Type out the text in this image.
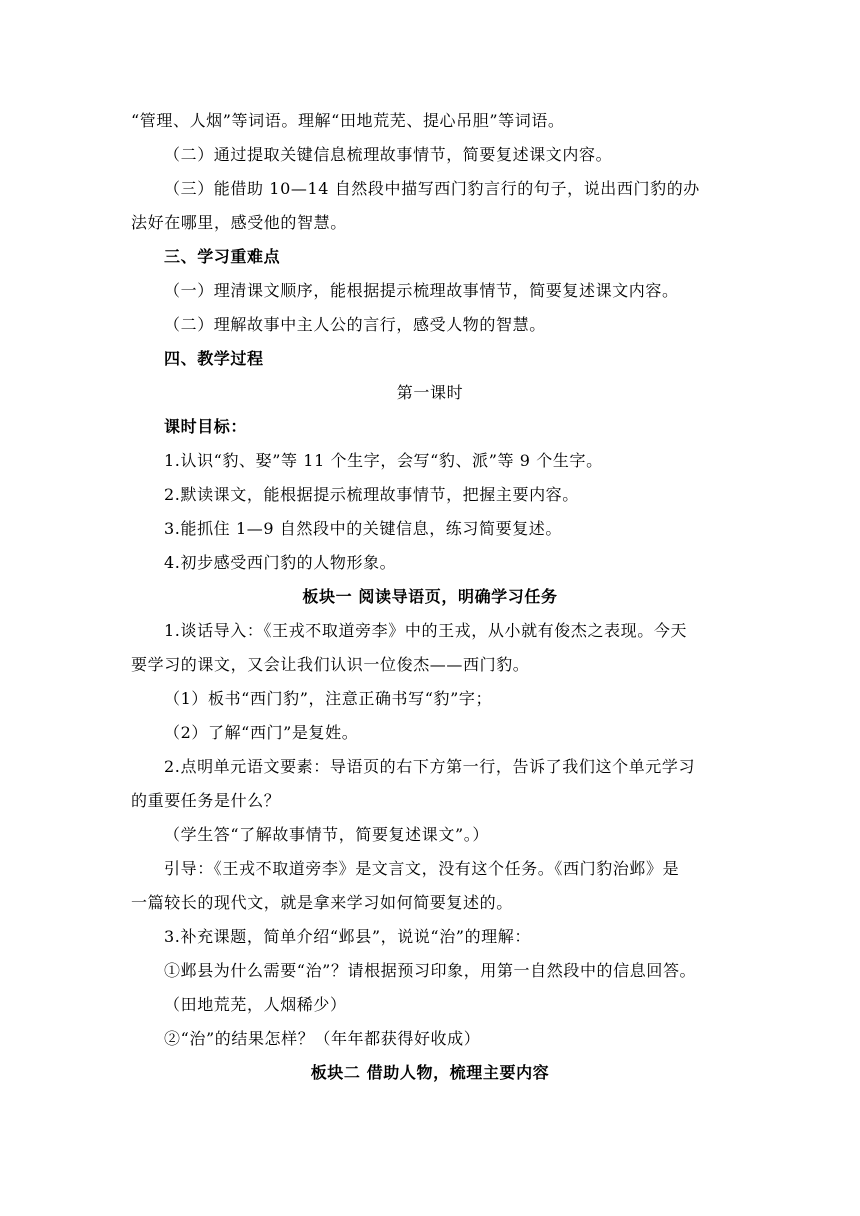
“管理、人烟”等词语。理解“田地荒芜、提心吊胆”等词语。
（二）通过提取关键信息梳理故事情节，简要复述课文内容。
（三）能借助 10—14 自然段中描写西门豹言行的句子，说出西门豹的办
法好在哪里，感受他的智慧。
三、学习重难点
（一）理清课文顺序，能根据提示梳理故事情节，简要复述课文内容。
（二）理解故事中主人公的言行，感受人物的智慧。
四、教学过程
第一课时
课时目标：
1.认识“豹、娶”等 11 个生字，会写“豹、派”等 9 个生字。
2.默读课文，能根据提示梳理故事情节，把握主要内容。
3.能抓住 1—9 自然段中的关键信息，练习简要复述。
4.初步感受西门豹的人物形象。
板块一 阅读导语页，明确学习任务
1.谈话导入：《王戎不取道旁李》中的王戎，从小就有俊杰之表现。今天
要学习的课文，又会让我们认识一位俊杰——西门豹。
（1）板书“西门豹”，注意正确书写“豹”字；
（2）了解“西门”是复姓。
2.点明单元语文要素：导语页的右下方第一行，告诉了我们这个单元学习
的重要任务是什么？
（学生答“了解故事情节，简要复述课文”。）
引导：《王戎不取道旁李》是文言文，没有这个任务。《西门豹治邺》是
一篇较长的现代文，就是拿来学习如何简要复述的。
3.补充课题，简单介绍“邺县”，说说“治”的理解：
①邺县为什么需要“治”？请根据预习印象，用第一自然段中的信息回答。
（田地荒芜，人烟稀少）
②“治”的结果怎样？（年年都获得好收成）
板块二 借助人物，梳理主要内容
